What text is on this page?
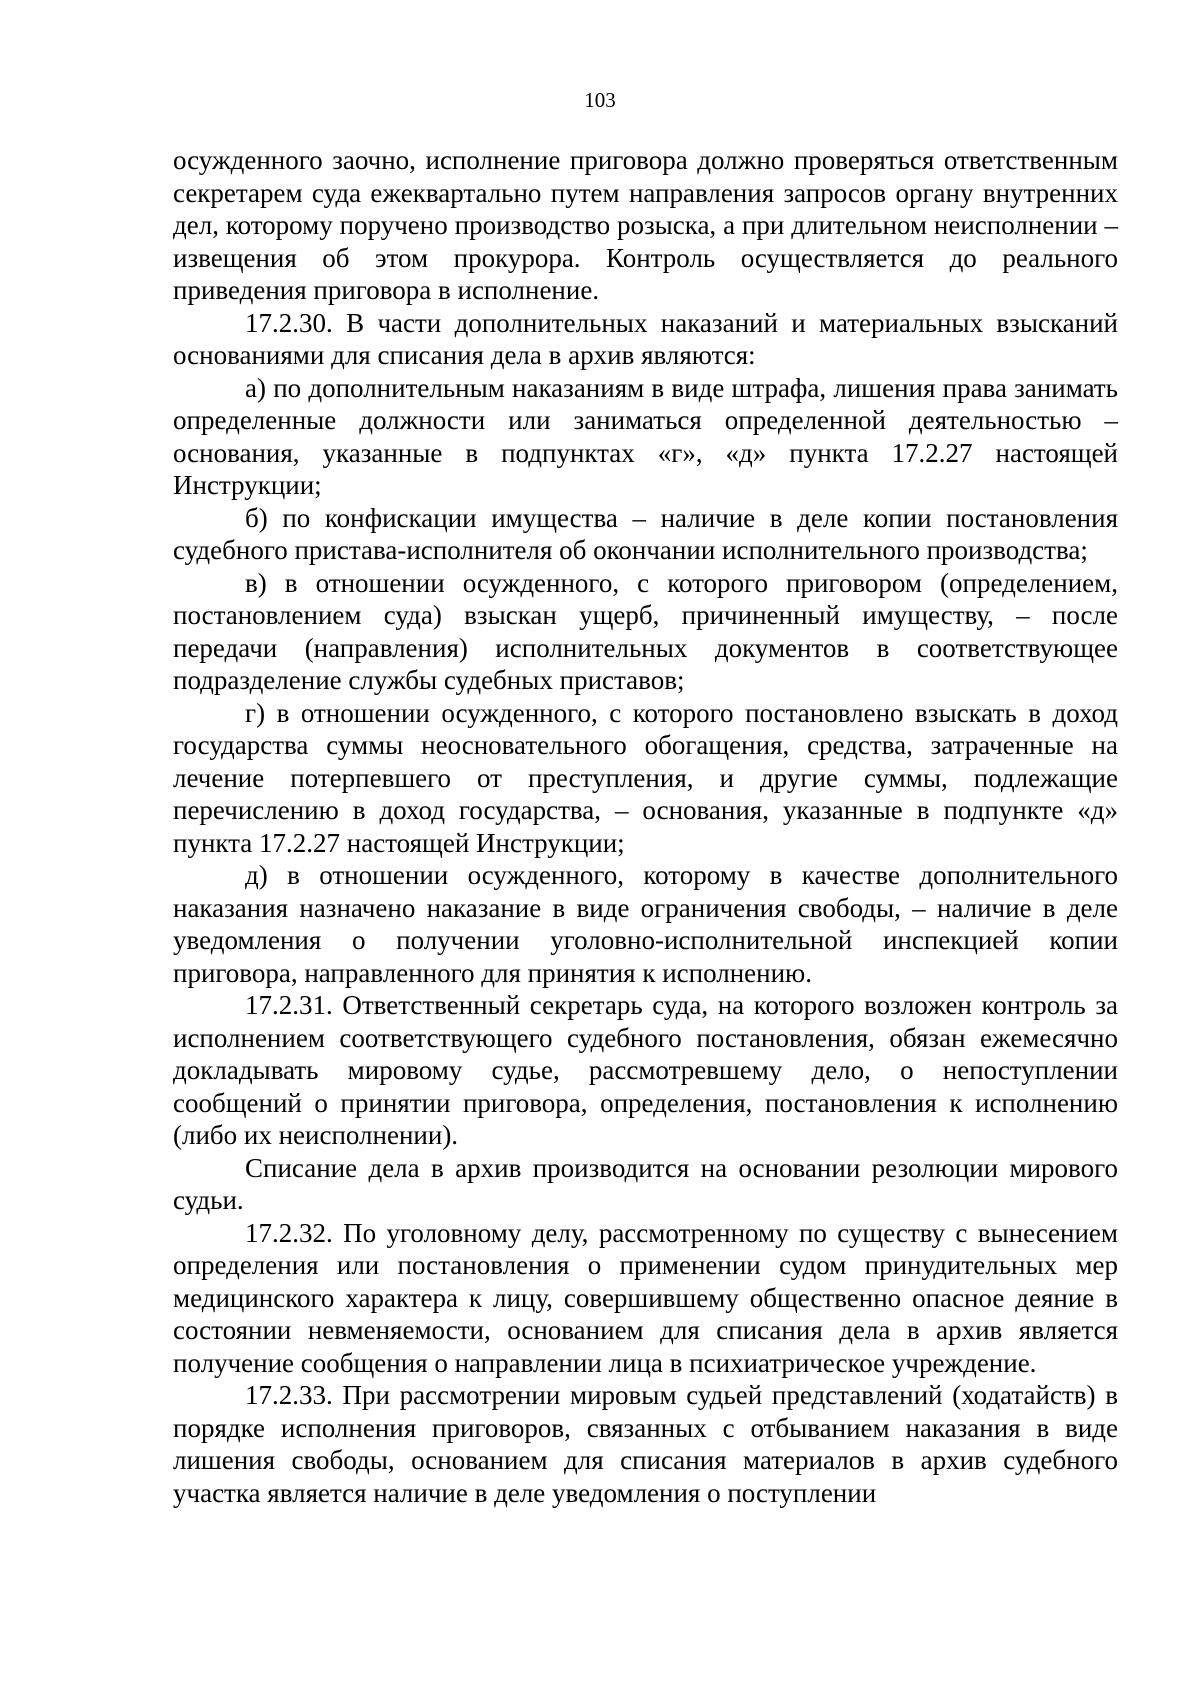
103

осужденного заочно, исполнение приговора должно проверяться ответственным секретарем суда ежеквартально путем направления запросов органу внутренних дел, которому поручено производство розыска, а при длительном неисполнении – извещения об этом прокурора. Контроль осуществляется до реального приведения приговора в исполнение.

17.2.30. В части дополнительных наказаний и материальных взысканий основаниями для списания дела в архив являются:

а) по дополнительным наказаниям в виде штрафа, лишения права занимать определенные должности или заниматься определенной деятельностью – основания, указанные в подпунктах «г», «д» пункта 17.2.27 настоящей Инструкции;

б) по конфискации имущества – наличие в деле копии постановления судебного пристава-исполнителя об окончании исполнительного производства;

в) в отношении осужденного, с которого приговором (определением, постановлением суда) взыскан ущерб, причиненный имуществу, – после передачи (направления) исполнительных документов в соответствующее подразделение службы судебных приставов;

г) в отношении осужденного, с которого постановлено взыскать в доход государства суммы неосновательного обогащения, средства, затраченные на лечение потерпевшего от преступления, и другие суммы, подлежащие перечислению в доход государства, – основания, указанные в подпункте «д» пункта 17.2.27 настоящей Инструкции;

д) в отношении осужденного, которому в качестве дополнительного наказания назначено наказание в виде ограничения свободы, – наличие в деле уведомления о получении уголовно-исполнительной инспекцией копии приговора, направленного для принятия к исполнению.

17.2.31. Ответственный секретарь суда, на которого возложен контроль за исполнением соответствующего судебного постановления, обязан ежемесячно докладывать мировому судье, рассмотревшему дело, о непоступлении сообщений о принятии приговора, определения, постановления к исполнению (либо их неисполнении).

Списание дела в архив производится на основании резолюции мирового судьи.

17.2.32. По уголовному делу, рассмотренному по существу с вынесением определения или постановления о применении судом принудительных мер медицинского характера к лицу, совершившему общественно опасное деяние в состоянии невменяемости, основанием для списания дела в архив является получение сообщения о направлении лица в психиатрическое учреждение.

17.2.33. При рассмотрении мировым судьей представлений (ходатайств) в порядке исполнения приговоров, связанных с отбыванием наказания в виде лишения свободы, основанием для списания материалов в архив судебного участка является наличие в деле уведомления о поступлении
